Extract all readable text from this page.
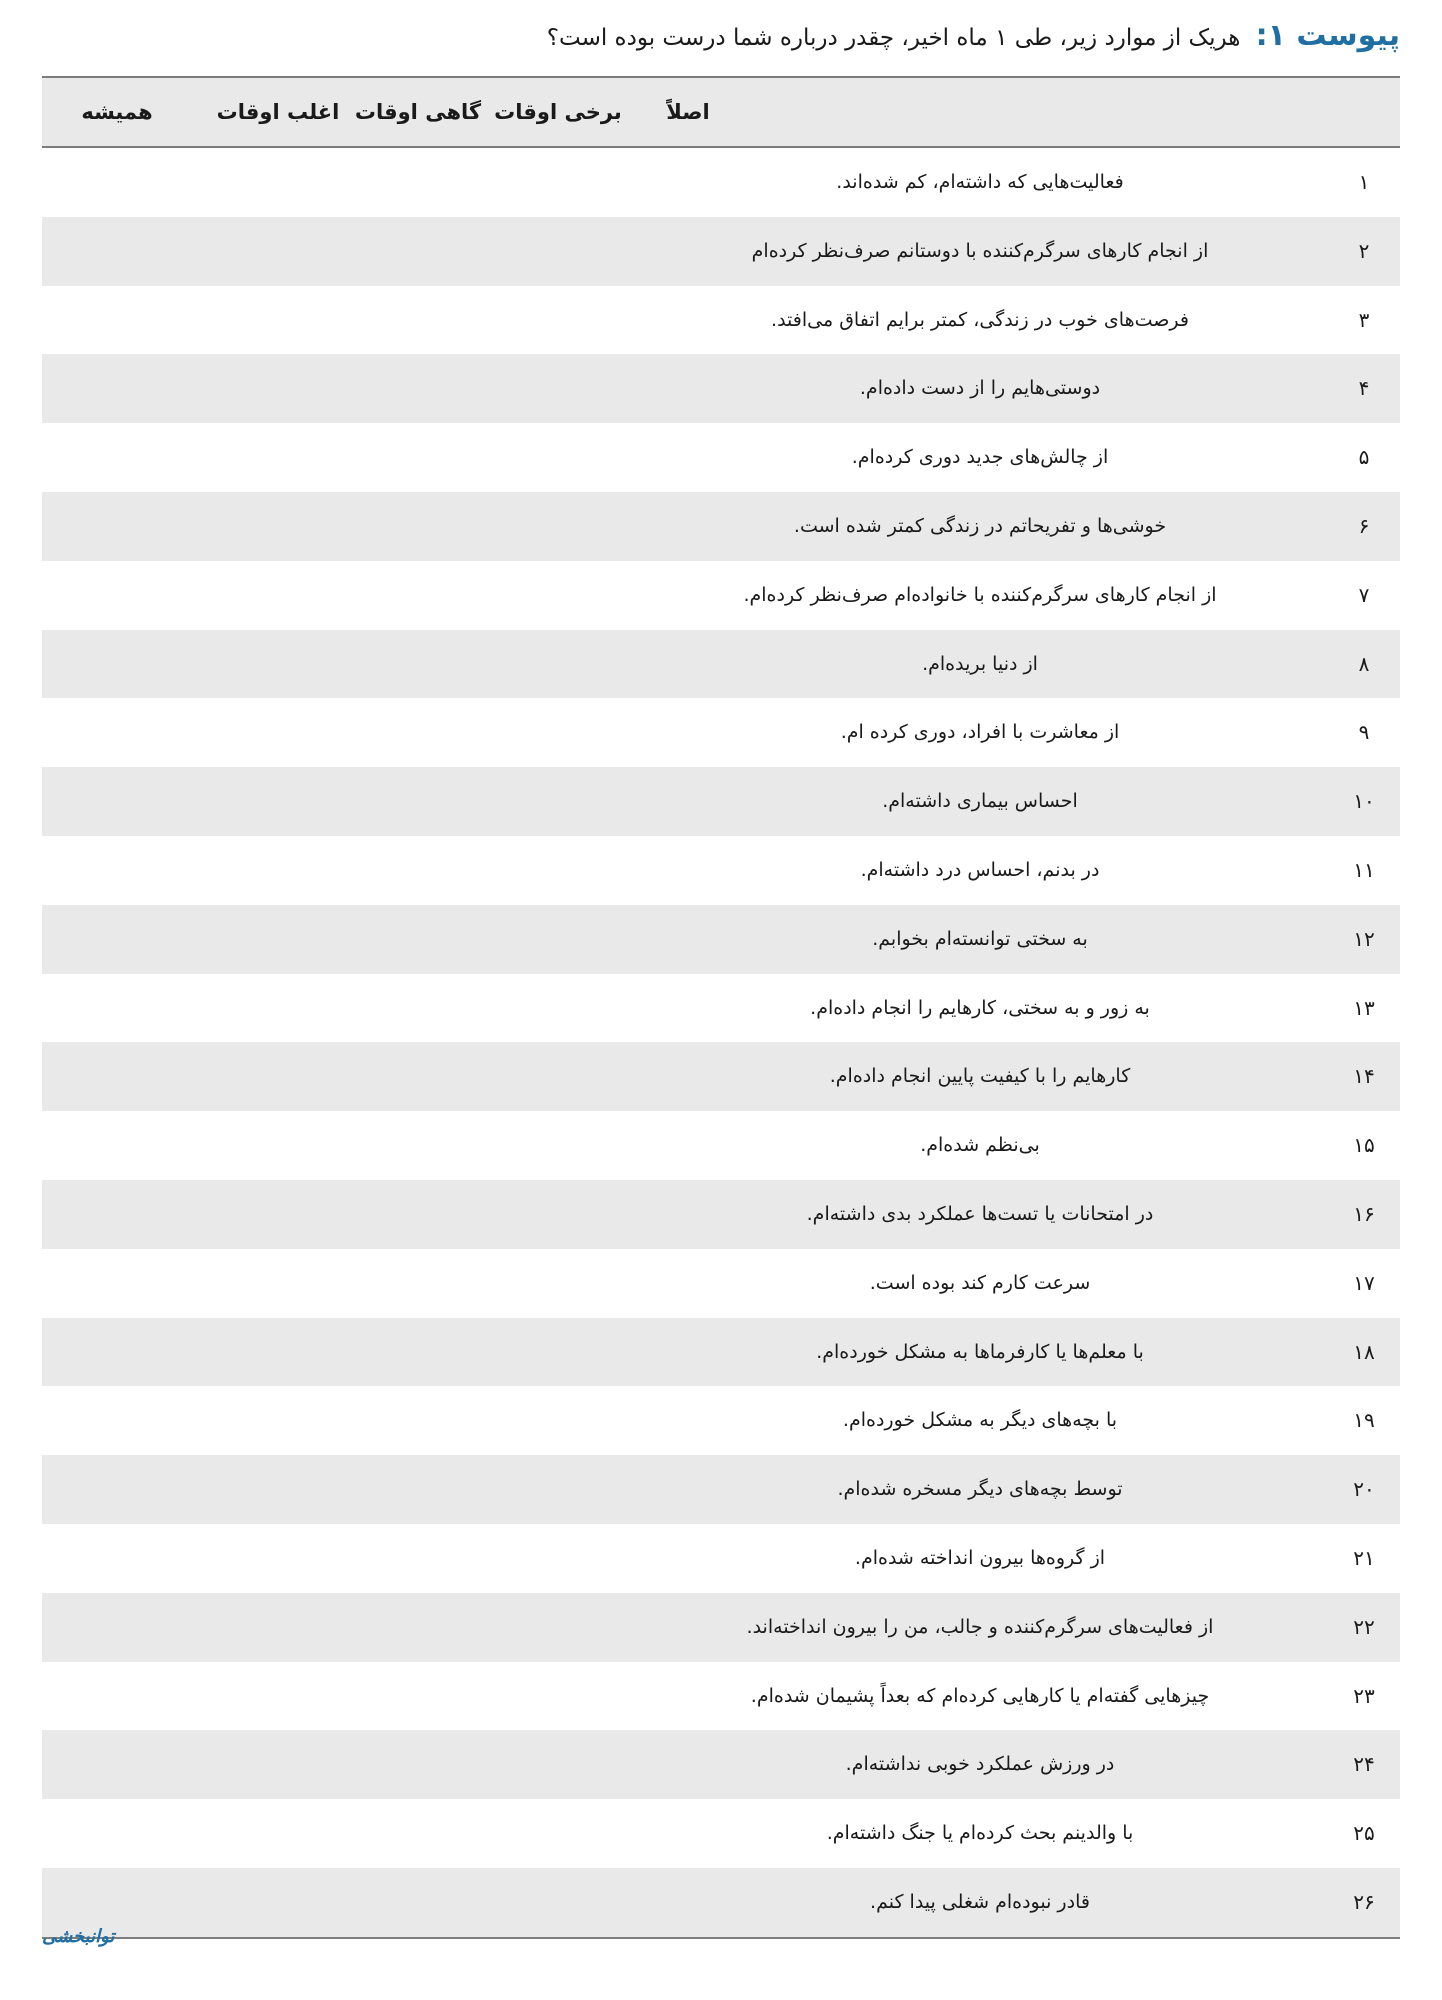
پیوست ۱: هریک از موارد زیر، طی ۱ ماه اخیر، چقدر درباره شما درست بوده است؟
اصلاً
برخی اوقات
گاهی اوقات
اغلب اوقات
همیشه
۱
فعالیت‌هایی که داشته‌ام، کم شده‌اند.
۲
از انجام کارهای سرگرم‌کننده با دوستانم صرف‌نظر کرده‌ام
۳
فرصت‌های خوب در زندگی، کمتر برایم اتفاق می‌افتد.
۴
دوستی‌هایم را از دست داده‌ام.
۵
از چالش‌های جدید دوری کرده‌ام.
۶
خوشی‌ها و تفریحاتم در زندگی کمتر شده است.
۷
از انجام کارهای سرگرم‌کننده با خانواده‌ام صرف‌نظر کرده‌ام.
۸
از دنیا بریده‌ام.
۹
از معاشرت با افراد، دوری کرده ام.
۱۰
احساس بیماری داشته‌ام.
۱۱
در بدنم، احساس درد داشته‌ام.
۱۲
به سختی توانسته‌ام بخوابم.
۱۳
به زور و به سختی، کارهایم را انجام داده‌ام.
۱۴
کارهایم را با کیفیت پایین انجام داده‌ام.
۱۵
بی‌نظم شده‌ام.
۱۶
در امتحانات یا تست‌ها عملکرد بدی داشته‌ام.
۱۷
سرعت کارم کند بوده است.
۱۸
با معلم‌ها یا کارفرماها به مشکل خورده‌ام.
۱۹
با بچه‌های دیگر به مشکل خورده‌ام.
۲۰
توسط بچه‌های دیگر مسخره شده‌ام.
۲۱
از گروه‌ها بیرون انداخته شده‌ام.
۲۲
از فعالیت‌های سرگرم‌کننده و جالب، من را بیرون انداخته‌اند.
۲۳
چیزهایی گفته‌ام یا کارهایی کرده‌ام که بعداً پشیمان شده‌ام.
۲۴
در ورزش عملکرد خوبی نداشته‌ام.
۲۵
با والدینم بحث کرده‌ام یا جنگ داشته‌ام.
۲۶
قادر نبوده‌ام شغلی پیدا کنم.
توانبخشی
